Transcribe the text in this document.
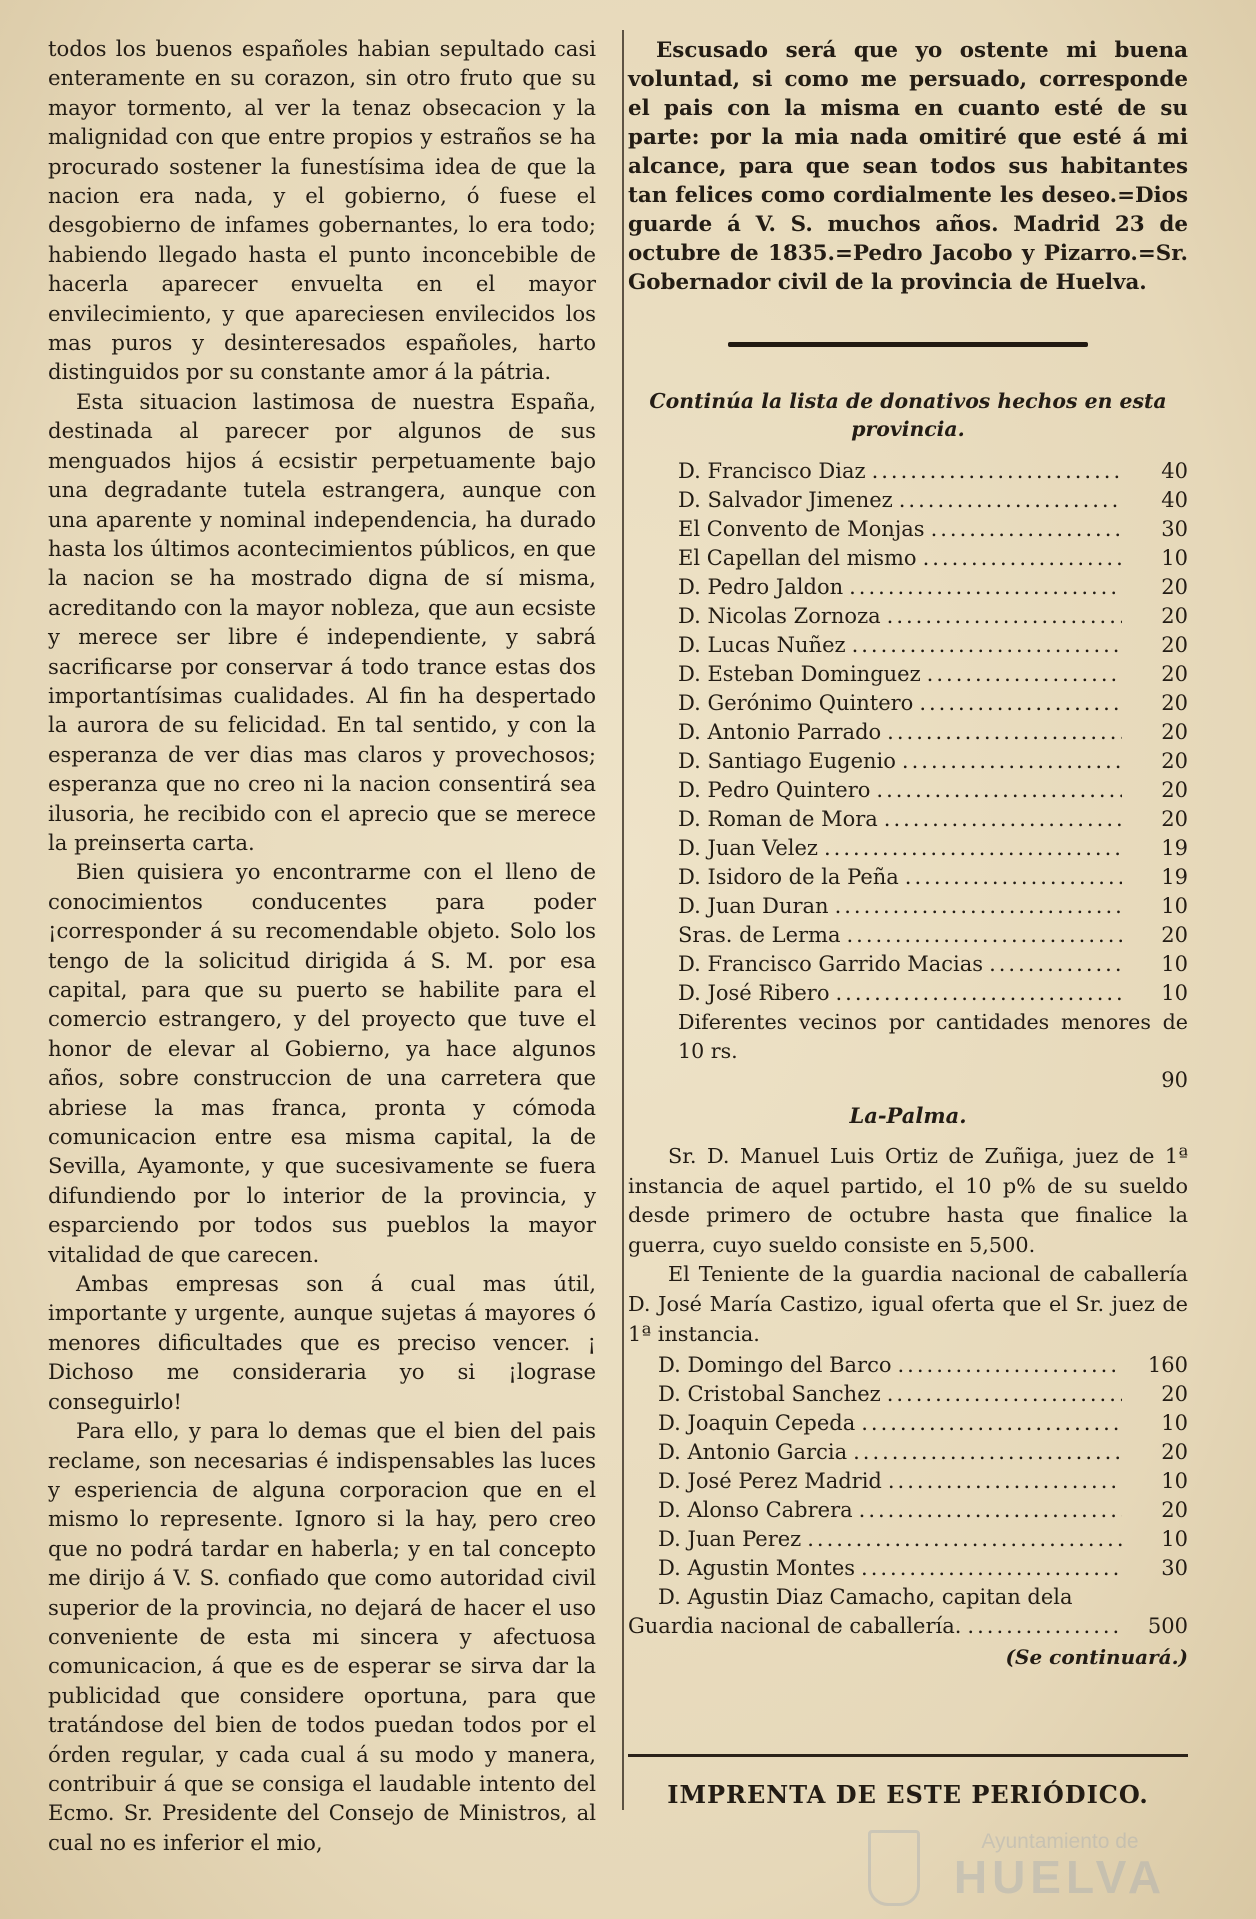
todos los buenos españoles habian sepultado casi enteramente en su corazon, sin otro fruto que su mayor tormento, al ver la tenaz obsecacion y la malignidad con que entre propios y estraños se ha procurado sostener la funestísima idea de que la nacion era nada, y el gobierno, ó fuese el desgobierno de infames gobernantes, lo era todo; habiendo llegado hasta el punto inconcebible de hacerla aparecer envuelta en el mayor envilecimiento, y que apareciesen envilecidos los mas puros y desinteresados españoles, harto distinguidos por su constante amor á la pátria.

Esta situacion lastimosa de nuestra España, destinada al parecer por algunos de sus menguados hijos á ecsistir perpetuamente bajo una degradante tutela estrangera, aunque con una aparente y nominal independencia, ha durado hasta los últimos acontecimientos públicos, en que la nacion se ha mostrado digna de sí misma, acreditando con la mayor nobleza, que aun ecsiste y merece ser libre é independiente, y sabrá sacrificarse por conservar á todo trance estas dos importantísimas cualidades. Al fin ha despertado la aurora de su felicidad. En tal sentido, y con la esperanza de ver dias mas claros y provechosos; esperanza que no creo ni la nacion consentirá sea ilusoria, he recibido con el aprecio que se merece la preinserta carta.

Bien quisiera yo encontrarme con el lleno de conocimientos conducentes para poder ¡corresponder á su recomendable objeto. Solo los tengo de la solicitud dirigida á S. M. por esa capital, para que su puerto se habilite para el comercio estrangero, y del proyecto que tuve el honor de elevar al Gobierno, ya hace algunos años, sobre construccion de una carretera que abriese la mas franca, pronta y cómoda comunicacion entre esa misma capital, la de Sevilla, Ayamonte, y que sucesivamente se fuera difundiendo por lo interior de la provincia, y esparciendo por todos sus pueblos la mayor vitalidad de que carecen.

Ambas empresas son á cual mas útil, importante y urgente, aunque sujetas á mayores ó menores dificultades que es preciso vencer. ¡ Dichoso me consideraria yo si ¡lograse conseguirlo!

Para ello, y para lo demas que el bien del pais reclame, son necesarias é indispensables las luces y esperiencia de alguna corporacion que en el mismo lo represente. Ignoro si la hay, pero creo que no podrá tardar en haberla; y en tal concepto me dirijo á V. S. confiado que como autoridad civil superior de la provincia, no dejará de hacer el uso conveniente de esta mi sincera y afectuosa comunicacion, á que es de esperar se sirva dar la publicidad que considere oportuna, para que tratándose del bien de todos puedan todos por el órden regular, y cada cual á su modo y manera, contribuir á que se consiga el laudable intento del Ecmo. Sr. Presidente del Consejo de Ministros, al cual no es inferior el mio,

Escusado será que yo ostente mi buena voluntad, si como me persuado, corresponde el pais con la misma en cuanto esté de su parte: por la mia nada omitiré que esté á mi alcance, para que sean todos sus habitantes tan felices como cordialmente les deseo.=Dios guarde á V. S. muchos años. Madrid 23 de octubre de 1835.=Pedro Jacobo y Pizarro.=Sr. Gobernador civil de la provincia de Huelva.

Continúa la lista de donativos hechos en esta provincia.

D. Francisco Diaz .....	40
D. Salvador Jimenez .....	40
El Convento de Monjas .....	30
El Capellan del mismo .....	10
D. Pedro Jaldon .....	20
D. Nicolas Zornoza .....	20
D. Lucas Nuñez .....	20
D. Esteban Dominguez .....	20
D. Gerónimo Quintero .....	20
D. Antonio Parrado .....	20
D. Santiago Eugenio .....	20
D. Pedro Quintero .....	20
D. Roman de Mora .....	20
D. Juan Velez .....	19
D. Isidoro de la Peña .....	19
D. Juan Duran .....	10
Sras. de Lerma .....	20
D. Francisco Garrido Macias .....	10
D. José Ribero .....	10

Diferentes vecinos por cantidades menores de 10 rs.

90

La-Palma.

Sr. D. Manuel Luis Ortiz de Zuñiga, juez de 1ª instancia de aquel partido, el 10 p% de su sueldo desde primero de octubre hasta que finalice la guerra, cuyo sueldo consiste en 5,500.

El Teniente de la guardia nacional de caballería D. José María Castizo, igual oferta que el Sr. juez de 1ª instancia.

D. Domingo del Barco .....	160
D. Cristobal Sanchez .....	20
D. Joaquin Cepeda .....	10
D. Antonio Garcia .....	20
D. José Perez Madrid .....	10
D. Alonso Cabrera .....	20
D. Juan Perez .....	10
D. Agustin Montes .....	30
D. Agustin Diaz Camacho, capitan dela
Guardia nacional de caballería. .....	500

(Se continuará.)

IMPRENTA DE ESTE PERIÓDICO.
Ayuntamiento de
HUELVA
